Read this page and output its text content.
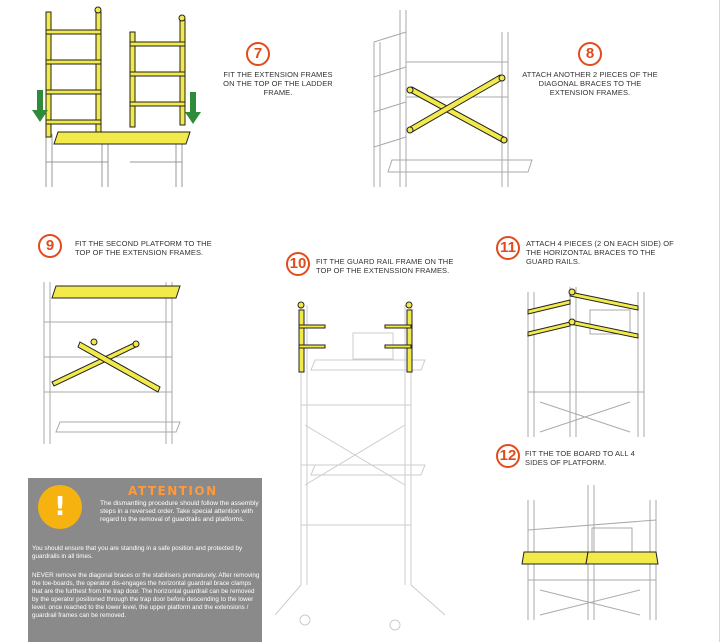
7
FIT THE EXTENSION FRAMES ON THE TOP OF THE LADDER FRAME.
8
ATTACH ANOTHER 2 PIECES OF THE DIAGONAL BRACES TO THE EXTENSION FRAMES.
9	FIT THE SECOND PLATFORM TO THE TOP OF THE EXTENSION FRAMES.
10	FIT THE GUARD RAIL FRAME ON THE TOP OF THE EXTENSSION FRAMES.
11	ATTACH 4 PIECES (2 ON EACH SIDE) OF THE HORIZONTAL BRACES TO THE GUARD RAILS.
12	FIT THE TOE BOARD TO ALL 4 SIDES OF PLATFORM.
!
ATTENTION
The dismantling procedure should follow the assembly steps in a reversed order. Take special attention with regard to the removal of guardrails and platforms.
You should ensure that you are standing in a safe position and protected by guardrails in all times.
NEVER remove the diagonal braces or the stabilisers prematurely. After removing the toe-boards, the operator dis-engages the horizontal guardrail brace clamps that are the furthest from the trap door. The horizontal guardrail can be removed by the operator positioned through the trap door before descending to the lower level. once reached to the lower level, the upper platform and the extensions / guardrail frames can be removed.
